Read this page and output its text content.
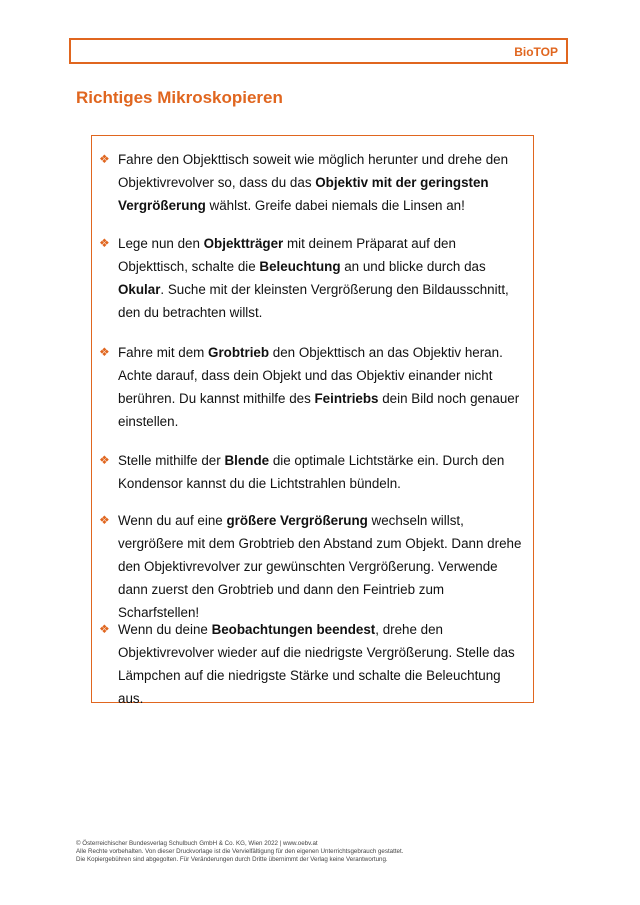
BioTOP
Richtiges Mikroskopieren
❖ Fahre den Objekttisch soweit wie möglich herunter und drehe den Objektivrevolver so, dass du das Objektiv mit der geringsten Vergrößerung wählst. Greife dabei niemals die Linsen an!
❖ Lege nun den Objektträger mit deinem Präparat auf den Objekttisch, schalte die Beleuchtung an und blicke durch das Okular. Suche mit der kleinsten Vergrößerung den Bildausschnitt, den du betrachten willst.
❖ Fahre mit dem Grobtrieb den Objekttisch an das Objektiv heran. Achte darauf, dass dein Objekt und das Objektiv einander nicht berühren. Du kannst mithilfe des Feintriebs dein Bild noch genauer einstellen.
❖ Stelle mithilfe der Blende die optimale Lichtstärke ein. Durch den Kondensor kannst du die Lichtstrahlen bündeln.
❖ Wenn du auf eine größere Vergrößerung wechseln willst, vergrößere mit dem Grobtrieb den Abstand zum Objekt. Dann drehe den Objektivrevolver zur gewünschten Vergrößerung. Verwende dann zuerst den Grobtrieb und dann den Feintrieb zum Scharfstellen!
❖ Wenn du deine Beobachtungen beendest, drehe den Objektivrevolver wieder auf die niedrigste Vergrößerung. Stelle das Lämpchen auf die niedrigste Stärke und schalte die Beleuchtung aus.
© Österreichischer Bundesverlag Schulbuch GmbH & Co. KG, Wien 2022 | www.oebv.at
Alle Rechte vorbehalten. Von dieser Druckvorlage ist die Vervielfältigung für den eigenen Unterrichtsgebrauch gestattet.
Die Kopiergebühren sind abgegolten. Für Veränderungen durch Dritte übernimmt der Verlag keine Verantwortung.
